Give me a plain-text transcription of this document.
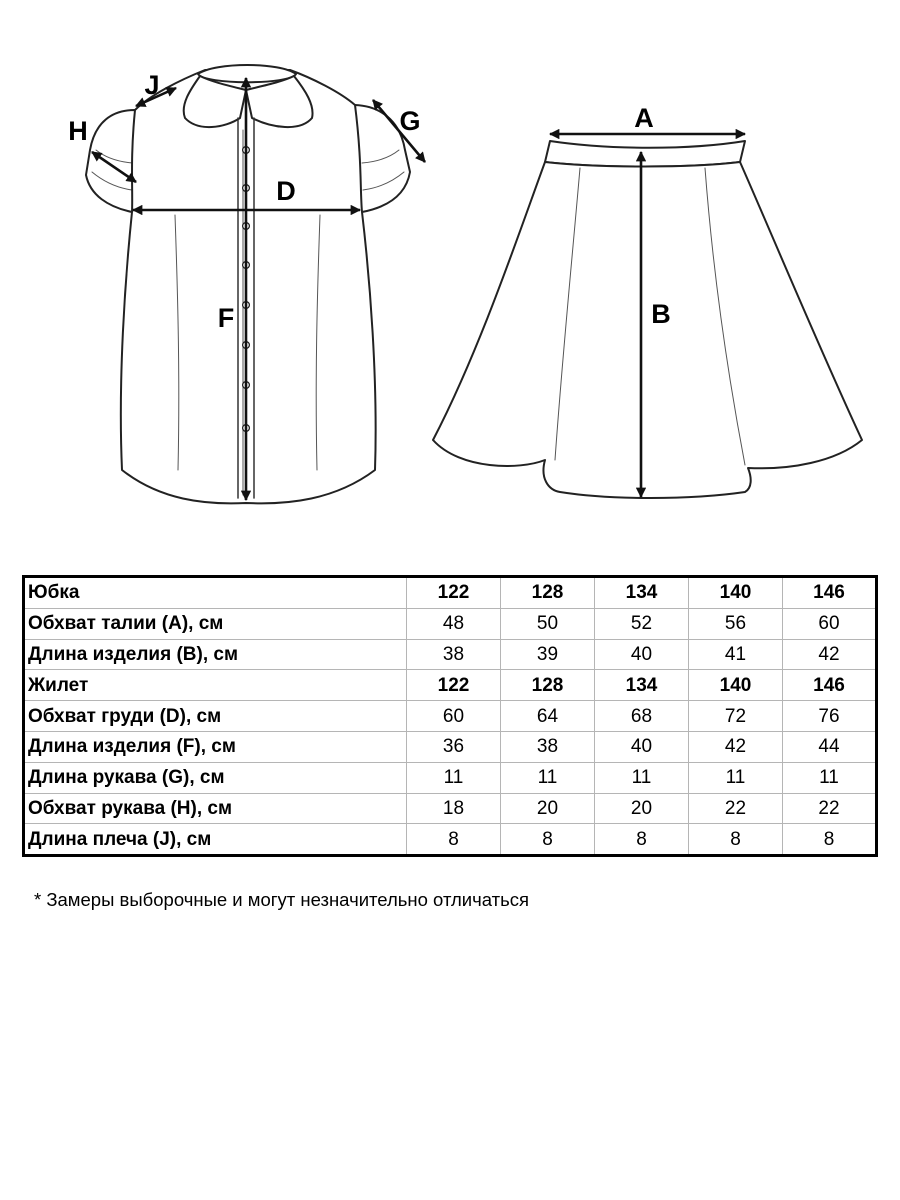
H
J
G
D
F
A
B
Юбка	122	128	134	140	146
Обхват талии (A), см	48	50	52	56	60
Длина изделия (B), см	38	39	40	41	42
Жилет	122	128	134	140	146
Обхват груди (D), см	60	64	68	72	76
Длина изделия (F), см	36	38	40	42	44
Длина рукава (G), см	11	11	11	11	11
Обхват рукава (H), см	18	20	20	22	22
Длина плеча (J), см	8	8	8	8	8
* Замеры выборочные и могут незначительно отличаться
